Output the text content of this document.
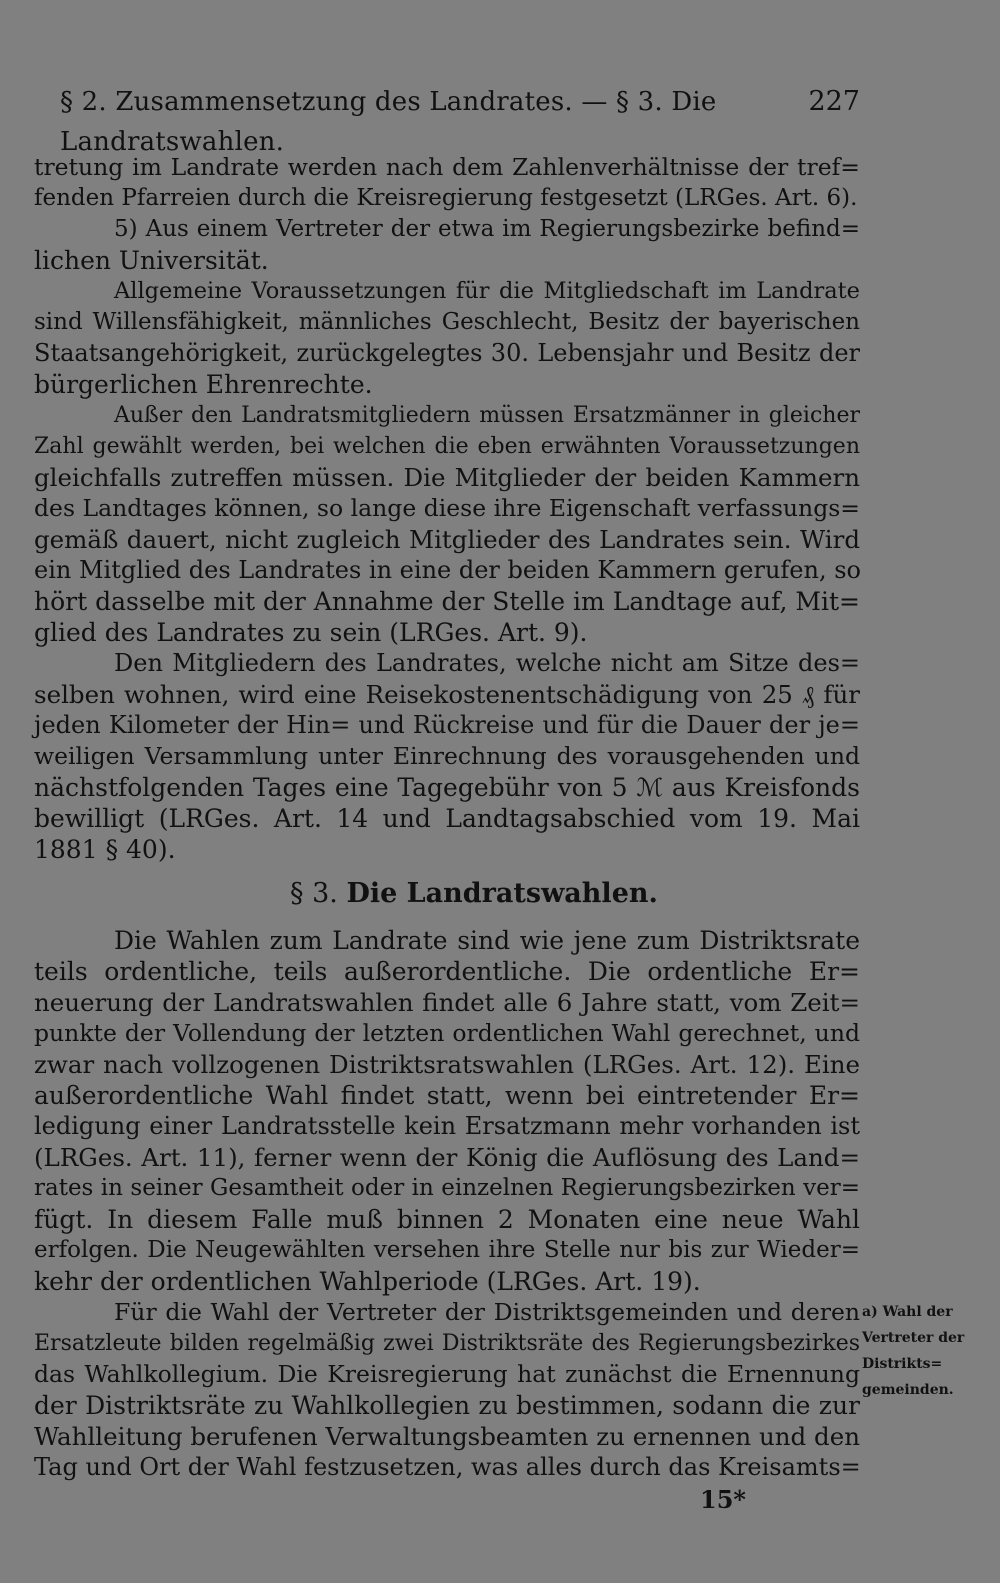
§ 2. Zusammensetzung des Landrates. — § 3. Die Landratswahlen.
227
tretung im Landrate werden nach dem Zahlenverhältnisse der tref=
fenden Pfarreien durch die Kreisregierung festgesetzt (LRGes. Art. 6).
5) Aus einem Vertreter der etwa im Regierungsbezirke befind=
lichen Universität.
Allgemeine Voraussetzungen für die Mitgliedschaft im Landrate
sind Willensfähigkeit, männliches Geschlecht, Besitz der bayerischen
Staatsangehörigkeit, zurückgelegtes 30. Lebensjahr und Besitz der
bürgerlichen Ehrenrechte.
Außer den Landratsmitgliedern müssen Ersatzmänner in gleicher
Zahl gewählt werden, bei welchen die eben erwähnten Voraussetzungen
gleichfalls zutreffen müssen. Die Mitglieder der beiden Kammern
des Landtages können, so lange diese ihre Eigenschaft verfassungs=
gemäß dauert, nicht zugleich Mitglieder des Landrates sein. Wird
ein Mitglied des Landrates in eine der beiden Kammern gerufen, so
hört dasselbe mit der Annahme der Stelle im Landtage auf, Mit=
glied des Landrates zu sein (LRGes. Art. 9).
Den Mitgliedern des Landrates, welche nicht am Sitze des=
selben wohnen, wird eine Reisekostenentschädigung von 25 ₰ für
jeden Kilometer der Hin= und Rückreise und für die Dauer der je=
weiligen Versammlung unter Einrechnung des vorausgehenden und
nächstfolgenden Tages eine Tagegebühr von 5 ℳ aus Kreisfonds
bewilligt (LRGes. Art. 14 und Landtagsabschied vom 19. Mai
1881 § 40).
§ 3. Die Landratswahlen.
Die Wahlen zum Landrate sind wie jene zum Distriktsrate
teils ordentliche, teils außerordentliche. Die ordentliche Er=
neuerung der Landratswahlen findet alle 6 Jahre statt, vom Zeit=
punkte der Vollendung der letzten ordentlichen Wahl gerechnet, und
zwar nach vollzogenen Distriktsratswahlen (LRGes. Art. 12). Eine
außerordentliche Wahl findet statt, wenn bei eintretender Er=
ledigung einer Landratsstelle kein Ersatzmann mehr vorhanden ist
(LRGes. Art. 11), ferner wenn der König die Auflösung des Land=
rates in seiner Gesamtheit oder in einzelnen Regierungsbezirken ver=
fügt. In diesem Falle muß binnen 2 Monaten eine neue Wahl
erfolgen. Die Neugewählten versehen ihre Stelle nur bis zur Wieder=
kehr der ordentlichen Wahlperiode (LRGes. Art. 19).
Für die Wahl der Vertreter der Distriktsgemeinden und deren
Ersatzleute bilden regelmäßig zwei Distriktsräte des Regierungsbezirkes
das Wahlkollegium. Die Kreisregierung hat zunächst die Ernennung
der Distriktsräte zu Wahlkollegien zu bestimmen, sodann die zur
Wahlleitung berufenen Verwaltungsbeamten zu ernennen und den
Tag und Ort der Wahl festzusetzen, was alles durch das Kreisamts=
a) Wahl der
Vertreter der
Distrikts=
gemeinden.
15*
